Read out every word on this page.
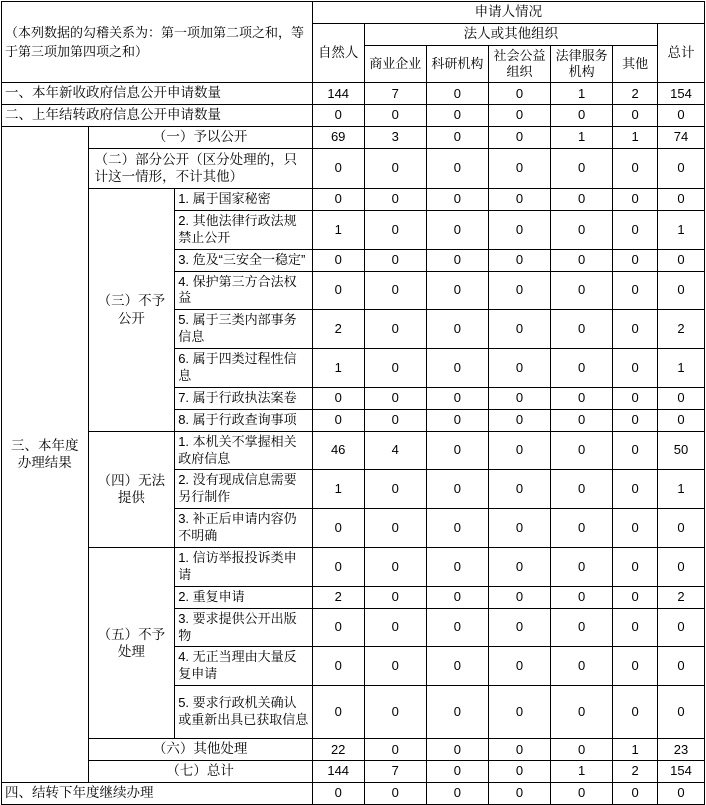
（本列数据的勾稽关系为：第一项加第二项之和，等于第三项加第四项之和）			申请人情况						
			自然人	法人或其他组织					总计
				商业企业	科研机构	社会公益组织	法律服务机构	其他	
一、本年新收政府信息公开申请数量			144	7	0	0	1	2	154
二、上年结转政府信息公开申请数量			0	0	0	0	0	0	0
三、本年度办理结果	（一）予以公开		69	3	0	0	1	1	74
	（二）部分公开（区分处理的，只计这一情形，不计其他）		0	0	0	0	0	0	0
	（三）不予公开	1. 属于国家秘密	0	0	0	0	0	0	0
		2. 其他法律行政法规禁止公开	1	0	0	0	0	0	1
		3. 危及“三安全一稳定”	0	0	0	0	0	0	0
		4. 保护第三方合法权益	0	0	0	0	0	0	0
		5. 属于三类内部事务信息	2	0	0	0	0	0	2
		6. 属于四类过程性信息	1	0	0	0	0	0	1
		7. 属于行政执法案卷	0	0	0	0	0	0	0
		8. 属于行政查询事项	0	0	0	0	0	0	0
	（四）无法提供	1. 本机关不掌握相关政府信息	46	4	0	0	0	0	50
		2. 没有现成信息需要另行制作	1	0	0	0	0	0	1
		3. 补正后申请内容仍不明确	0	0	0	0	0	0	0
	（五）不予处理	1. 信访举报投诉类申请	0	0	0	0	0	0	0
		2. 重复申请	2	0	0	0	0	0	2
		3. 要求提供公开出版物	0	0	0	0	0	0	0
		4. 无正当理由大量反复申请	0	0	0	0	0	0	0
		5. 要求行政机关确认或重新出具已获取信息	0	0	0	0	0	0	0
	（六）其他处理		22	0	0	0	0	1	23
	（七）总计		144	7	0	0	1	2	154
四、结转下年度继续办理			0	0	0	0	0	0	0
